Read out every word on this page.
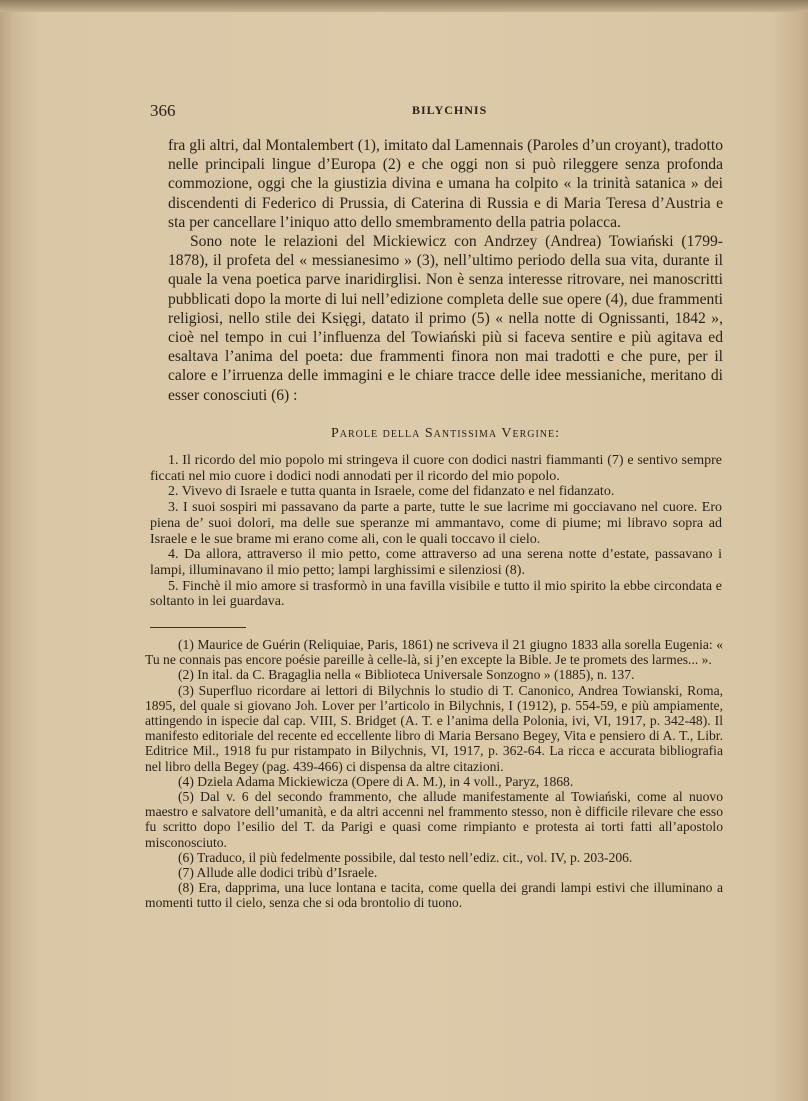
366	BILYCHNIS

fra gli altri, dal Montalembert (1), imitato dal Lamennais (Paroles d’un croyant), tradotto nelle principali lingue d’Europa (2) e che oggi non si può rileggere senza profonda commozione, oggi che la giustizia divina e umana ha colpito « la trinità satanica » dei discendenti di Federico di Prussia, di Caterina di Russia e di Maria Teresa d’Austria e sta per cancellare l’iniquo atto dello smembramento della patria polacca.

Sono note le relazioni del Mickiewicz con Andrzey (Andrea) Towiański (1799-1878), il profeta del « messianesimo » (3), nell’ultimo periodo della sua vita, durante il quale la vena poetica parve inaridirglisi. Non è senza interesse ritrovare, nei manoscritti pubblicati dopo la morte di lui nell’edizione completa delle sue opere (4), due frammenti religiosi, nello stile dei Księgi, datato il primo (5) « nella notte di Ognissanti, 1842 », cioè nel tempo in cui l’influenza del Towiański più si faceva sentire e più agitava ed esaltava l’anima del poeta: due frammenti finora non mai tradotti e che pure, per il calore e l’irruenza delle immagini e le chiare tracce delle idee messianiche, meritano di esser conosciuti (6) :

Parole della Santissima Vergine:

1. Il ricordo del mio popolo mi stringeva il cuore con dodici nastri fiammanti (7) e sentivo sempre ficcati nel mio cuore i dodici nodi annodati per il ricordo del mio popolo.

2. Vivevo di Israele e tutta quanta in Israele, come del fidanzato e nel fidanzato.

3. I suoi sospiri mi passavano da parte a parte, tutte le sue lacrime mi gocciavano nel cuore. Ero piena de’ suoi dolori, ma delle sue speranze mi ammantavo, come di piume; mi libravo sopra ad Israele e le sue brame mi erano come ali, con le quali toccavo il cielo.

4. Da allora, attraverso il mio petto, come attraverso ad una serena notte d’estate, passavano i lampi, illuminavano il mio petto; lampi larghissimi e silenziosi (8).

5. Finchè il mio amore si trasformò in una favilla visibile e tutto il mio spirito la ebbe circondata e soltanto in lei guardava.

(1) Maurice de Guérin (Reliquiae, Paris, 1861) ne scriveva il 21 giugno 1833 alla sorella Eugenia: « Tu ne connais pas encore poésie pareille à celle-là, si j’en excepte la Bible. Je te promets des larmes... ».

(2) In ital. da C. Bragaglia nella « Biblioteca Universale Sonzogno » (1885), n. 137.

(3) Superfluo ricordare ai lettori di Bilychnis lo studio di T. Canonico, Andrea Towianski, Roma, 1895, del quale si giovano Joh. Lover per l’articolo in Bilychnis, I (1912), p. 554-59, e più ampiamente, attingendo in ispecie dal cap. VIII, S. Bridget (A. T. e l’anima della Polonia, ivi, VI, 1917, p. 342-48). Il manifesto editoriale del recente ed eccellente libro di Maria Bersano Begey, Vita e pensiero di A. T., Libr. Editrice Mil., 1918 fu pur ristampato in Bilychnis, VI, 1917, p. 362-64. La ricca e accurata bibliografia nel libro della Begey (pag. 439-466) ci dispensa da altre citazioni.

(4) Dziela Adama Mickiewicza (Opere di A. M.), in 4 voll., Paryz, 1868.

(5) Dal v. 6 del secondo frammento, che allude manifestamente al Towiański, come al nuovo maestro e salvatore dell’umanità, e da altri accenni nel frammento stesso, non è difficile rilevare che esso fu scritto dopo l’esilio del T. da Parigi e quasi come rimpianto e protesta ai torti fatti all’apostolo misconosciuto.

(6) Traduco, il più fedelmente possibile, dal testo nell’ediz. cit., vol. IV, p. 203-206.

(7) Allude alle dodici tribù d’Israele.

(8) Era, dapprima, una luce lontana e tacita, come quella dei grandi lampi estivi che illuminano a momenti tutto il cielo, senza che si oda brontolio di tuono.
